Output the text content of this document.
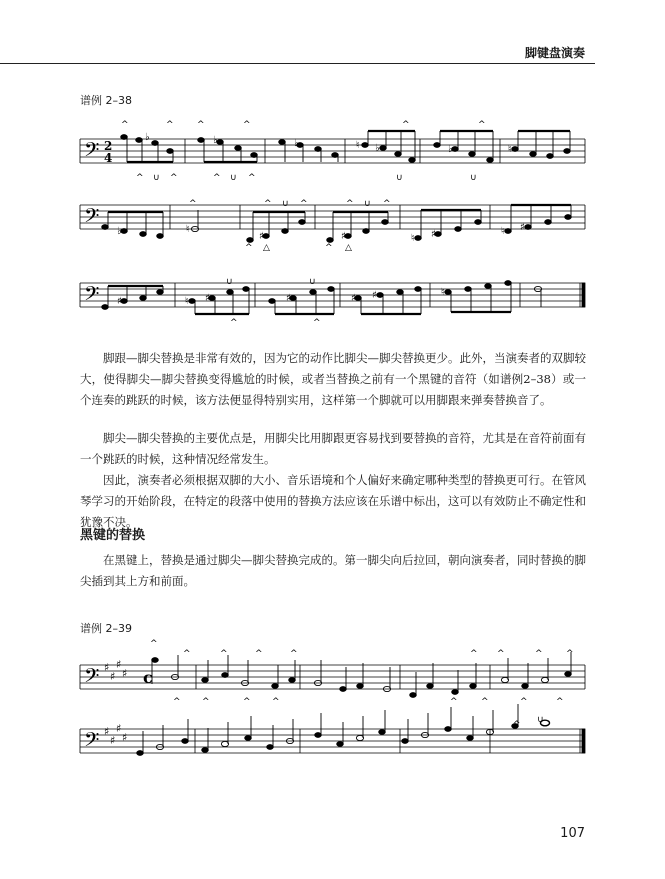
脚键盘演奏
谱例 2–38
𝄢
𝄢
𝄢
𝄢
𝄢
2
4
c
♯
♯
♯
♯
♯
♯
♯
♯
♭	♭	♭	♮ ♭	♭	♮
♭	♮
♯	♯	♮ ♯	♮ ♯
♯	♮ ♯	♯	♯ ♯	♮
^	^	^	^	^	^
^ ∪ ^	^ ∪ ^	∪	∪
^	^ ∪ ^	^ ∪ ^
^ △	^ △
∪	∪
^	^
^
^	^	^	^	^ ^	^	^
^ ^	^ ^	^	^	^	^
^ ∪
谱例 2–39

脚跟—脚尖替换是非常有效的，因为它的动作比脚尖—脚尖替换更少。此外，当演奏者的双脚较大，使得脚尖—脚尖替换变得尴尬的时候，或者当替换之前有一个黑键的音符（如谱例2–38）或一个连奏的跳跃的时候，该方法便显得特别实用，这样第一个脚就可以用脚跟来弹奏替换音了。

脚尖—脚尖替换的主要优点是，用脚尖比用脚跟更容易找到要替换的音符，尤其是在音符前面有一个跳跃的时候，这种情况经常发生。

因此，演奏者必须根据双脚的大小、音乐语境和个人偏好来确定哪种类型的替换更可行。在管风琴学习的开始阶段，在特定的段落中使用的替换方法应该在乐谱中标出，这可以有效防止不确定性和犹豫不决。

黑键的替换

在黑键上，替换是通过脚尖—脚尖替换完成的。第一脚尖向后拉回，朝向演奏者，同时替换的脚尖插到其上方和前面。

107
